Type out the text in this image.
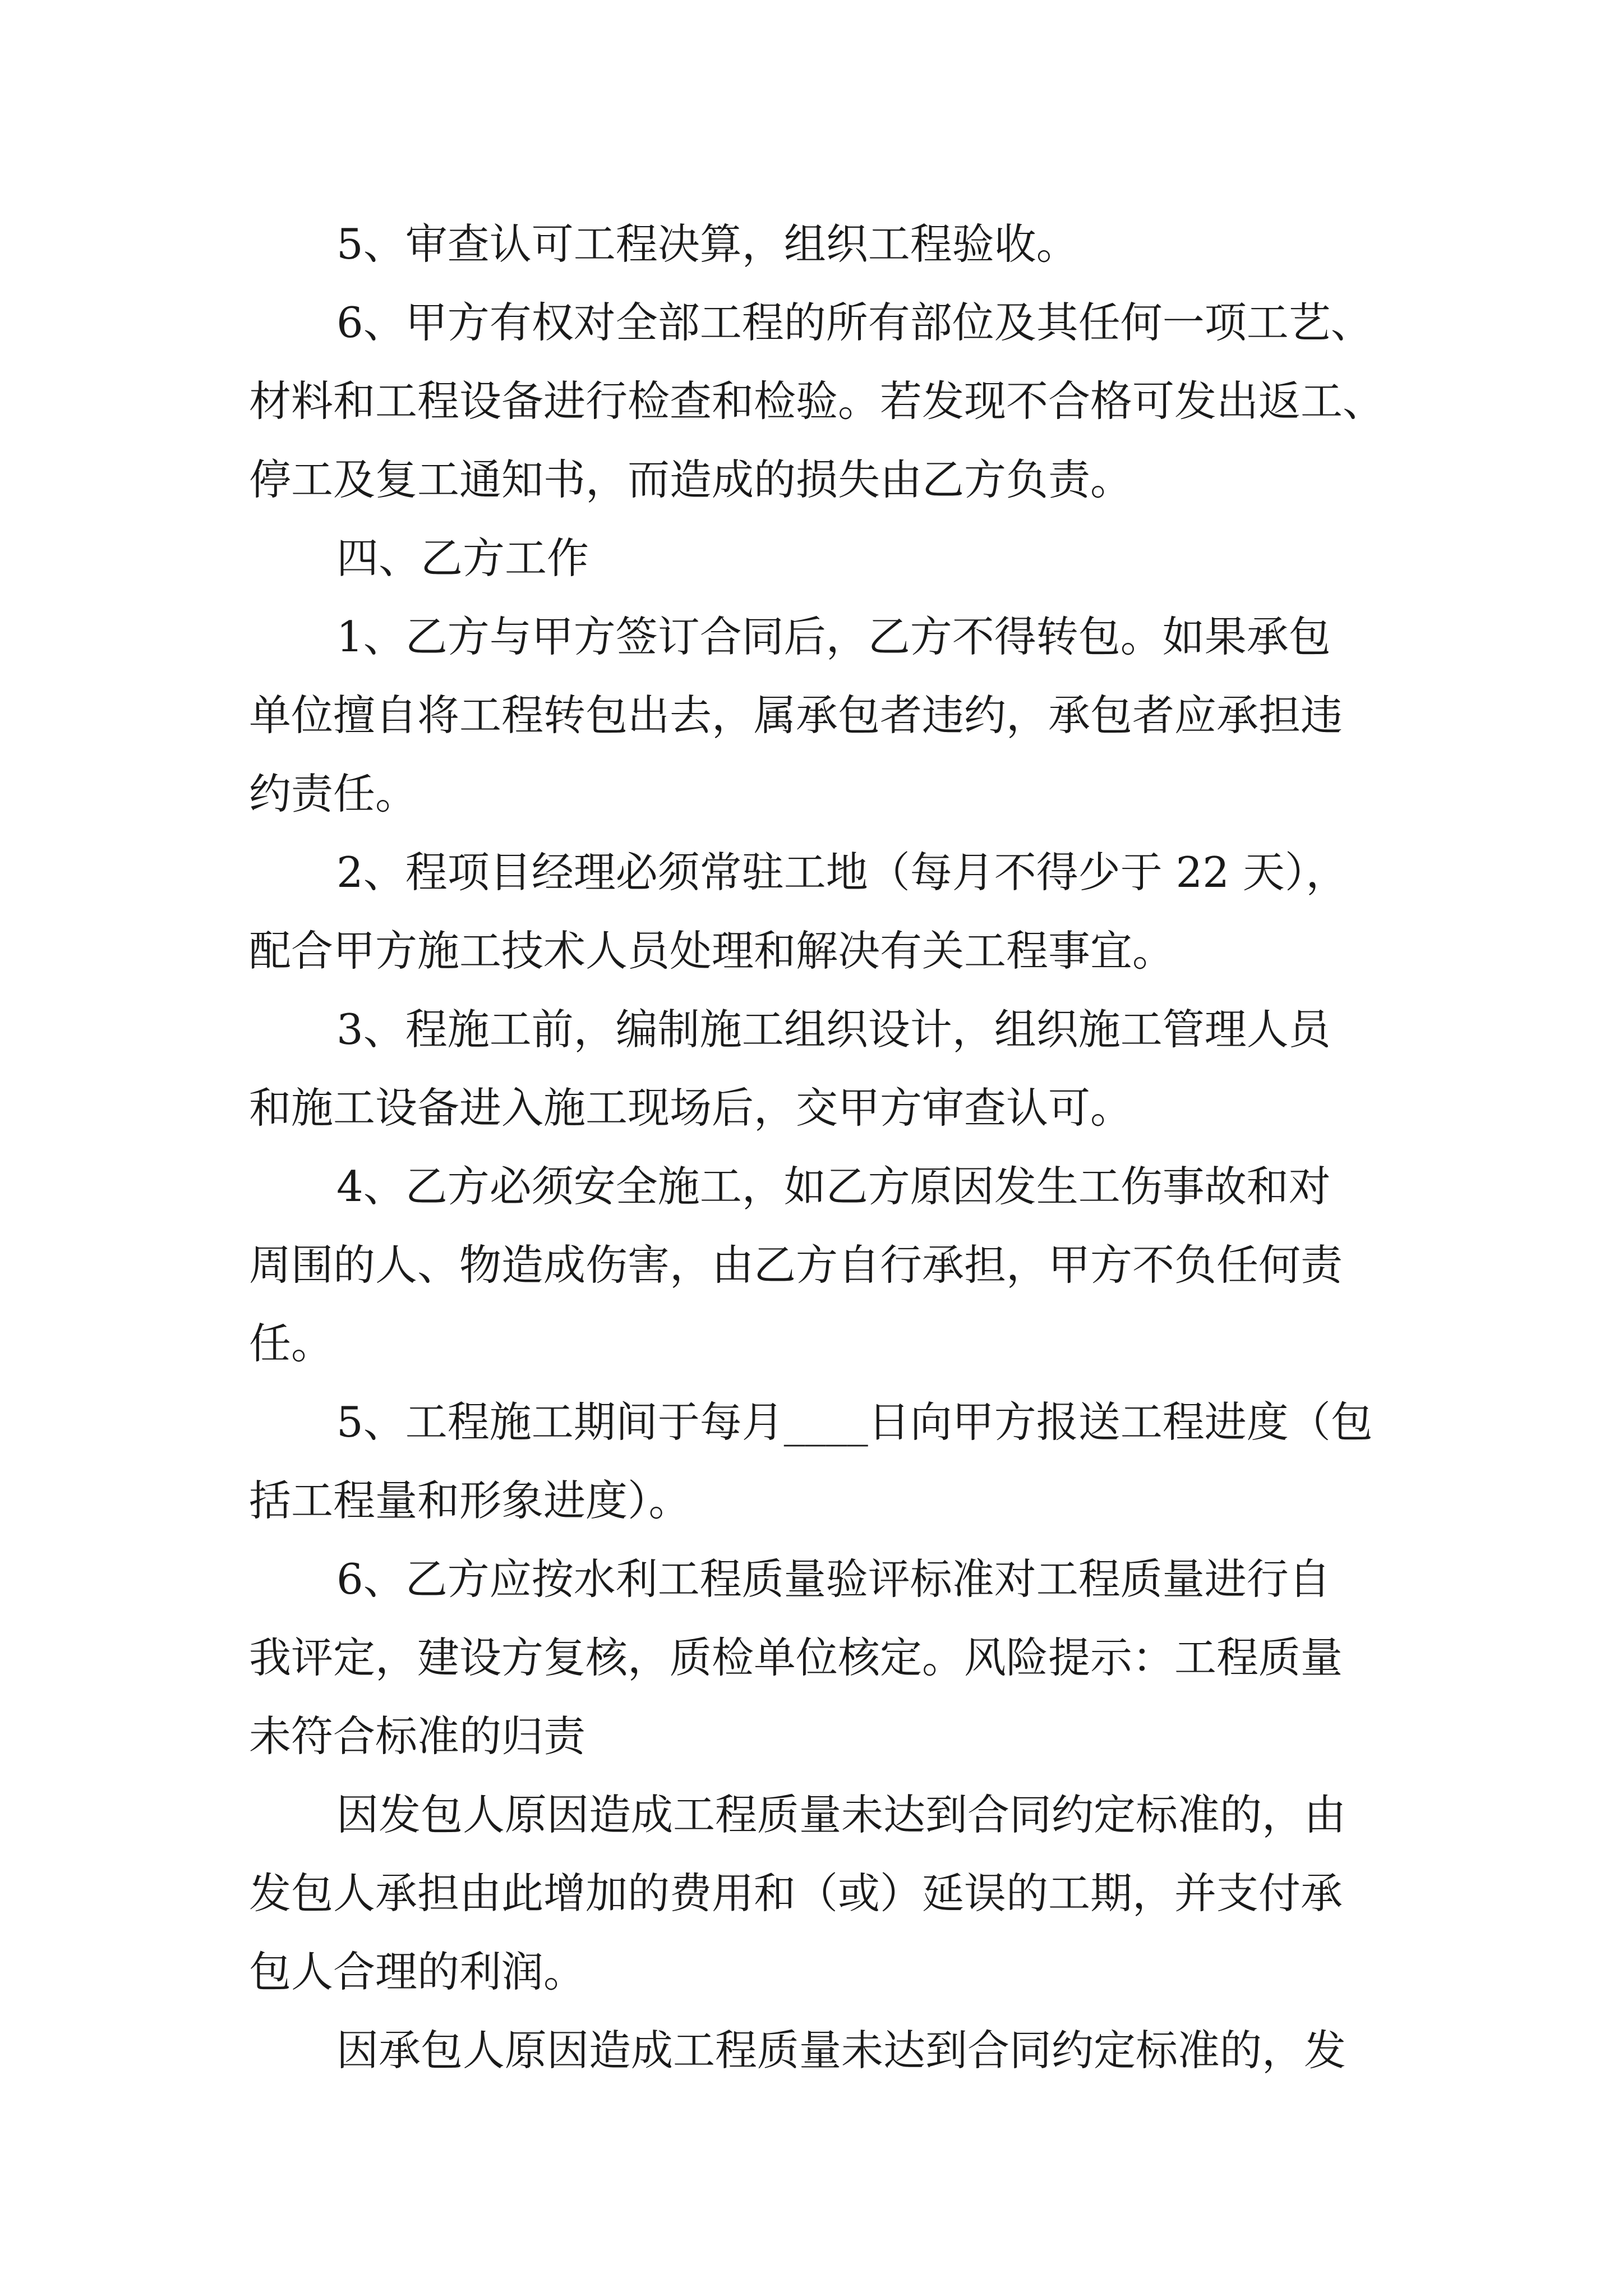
5、审查认可工程决算，组织工程验收。

6、甲方有权对全部工程的所有部位及其任何一项工艺、

材料和工程设备进行检查和检验。若发现不合格可发出返工、

停工及复工通知书，而造成的损失由乙方负责。

四、乙方工作

1、乙方与甲方签订合同后，乙方不得转包。如果承包

单位擅自将工程转包出去，属承包者违约，承包者应承担违

约责任。

2、程项目经理必须常驻工地（每月不得少于 22 天），

配合甲方施工技术人员处理和解决有关工程事宜。

3、程施工前，编制施工组织设计，组织施工管理人员

和施工设备进入施工现场后，交甲方审查认可。

4、乙方必须安全施工，如乙方原因发生工伤事故和对

周围的人、物造成伤害，由乙方自行承担，甲方不负任何责

任。

5、工程施工期间于每月____日向甲方报送工程进度（包

括工程量和形象进度）。

6、乙方应按水利工程质量验评标准对工程质量进行自

我评定，建设方复核，质检单位核定。风险提示：工程质量

未符合标准的归责

因发包人原因造成工程质量未达到合同约定标准的，由

发包人承担由此增加的费用和（或）延误的工期，并支付承

包人合理的利润。

因承包人原因造成工程质量未达到合同约定标准的，发
